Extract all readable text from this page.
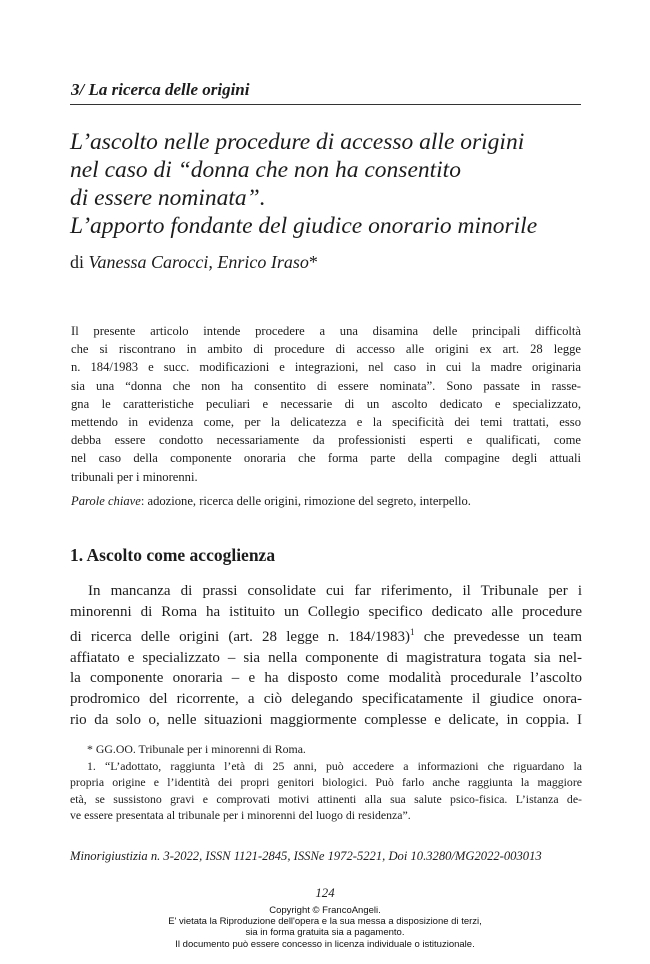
3/ La ricerca delle origini
L’ascolto nelle procedure di accesso alle origini
nel caso di “donna che non ha consentito
di essere nominata”.
L’apporto fondante del giudice onorario minorile
di Vanessa Carocci, Enrico Iraso*
Il presente articolo intende procedere a una disamina delle principali difficoltà
che si riscontrano in ambito di procedure di accesso alle origini ex art. 28 legge
n. 184/1983 e succ. modificazioni e integrazioni, nel caso in cui la madre originaria
sia una “donna che non ha consentito di essere nominata”. Sono passate in rasse-
gna le caratteristiche peculiari e necessarie di un ascolto dedicato e specializzato,
mettendo in evidenza come, per la delicatezza e la specificità dei temi trattati, esso
debba essere condotto necessariamente da professionisti esperti e qualificati, come
nel caso della componente onoraria che forma parte della compagine degli attuali
tribunali per i minorenni.
Parole chiave: adozione, ricerca delle origini, rimozione del segreto, interpello.
1. Ascolto come accoglienza
In mancanza di prassi consolidate cui far riferimento, il Tribunale per i
minorenni di Roma ha istituito un Collegio specifico dedicato alle procedure
di ricerca delle origini (art. 28 legge n. 184/1983)$^1$ che prevedesse un team
affiatato e specializzato – sia nella componente di magistratura togata sia nel-
la componente onoraria – e ha disposto come modalità procedurale l’ascolto
prodromico del ricorrente, a ciò delegando specificatamente il giudice onora-
rio da solo o, nelle situazioni maggiormente complesse e delicate, in coppia. I
* GG.OO. Tribunale per i minorenni di Roma.
1. “L’adottato, raggiunta l’età di 25 anni, può accedere a informazioni che riguardano la
propria origine e l’identità dei propri genitori biologici. Può farlo anche raggiunta la maggiore
età, se sussistono gravi e comprovati motivi attinenti alla sua salute psico-fisica. L’istanza de-
ve essere presentata al tribunale per i minorenni del luogo di residenza”.
Minorigiustizia n. 3-2022, ISSN 1121-2845, ISSNe 1972-5221, Doi 10.3280/MG2022-003013
124
Copyright © FrancoAngeli.
E' vietata la Riproduzione dell'opera e la sua messa a disposizione di terzi,
sia in forma gratuita sia a pagamento.
Il documento può essere concesso in licenza individuale o istituzionale.
